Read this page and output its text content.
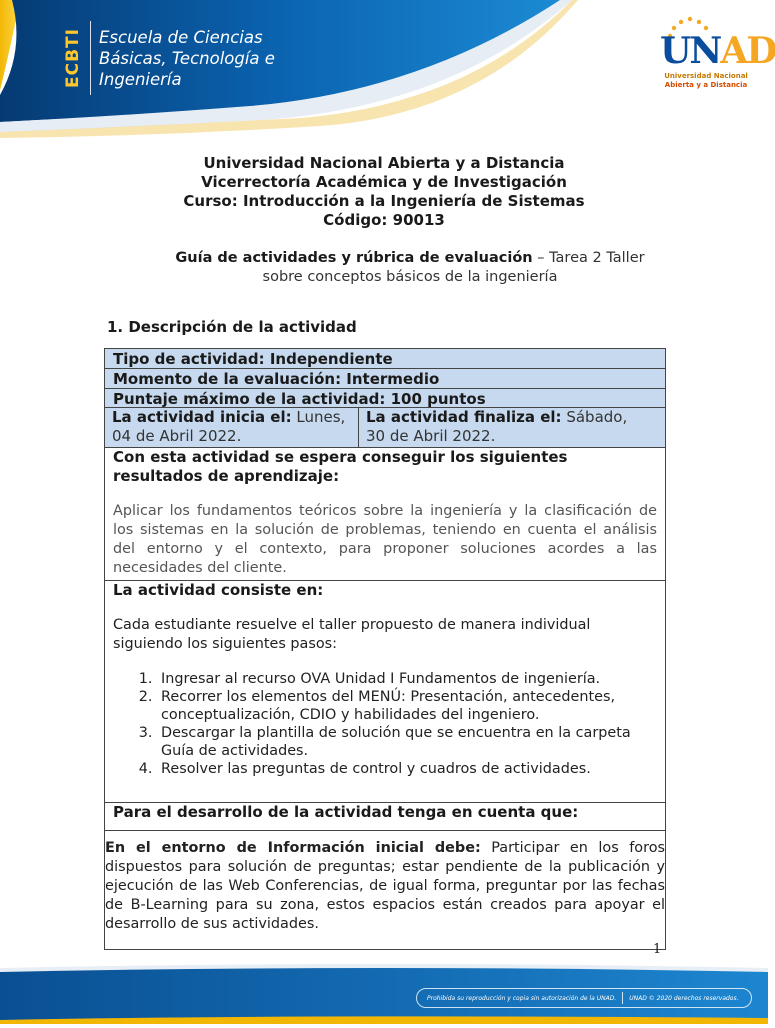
ECBTI Escuela de Ciencias
Básicas, Tecnología e
Ingeniería
UNAD
Universidad Nacional
Abierta y a Distancia
Universidad Nacional Abierta y a Distancia
Vicerrectoría Académica y de Investigación
Curso: Introducción a la Ingeniería de Sistemas
Código: 90013
Guía de actividades y rúbrica de evaluación – Tarea 2 Taller
sobre conceptos básicos de la ingeniería
1. Descripción de la actividad
Tipo de actividad: Independiente
Momento de la evaluación: Intermedio
Puntaje máximo de la actividad: 100 puntos
La actividad inicia el: Lunes,
04 de Abril 2022.
La actividad finaliza el: Sábado,
30 de Abril 2022.
Con esta actividad se espera conseguir los siguientes resultados de aprendizaje:
Aplicar los fundamentos teóricos sobre la ingeniería y la clasificación de los sistemas en la solución de problemas, teniendo en cuenta el análisis del entorno y el contexto, para proponer soluciones acordes a las necesidades del cliente.
La actividad consiste en:
Cada estudiante resuelve el taller propuesto de manera individual siguiendo los siguientes pasos:
1. Ingresar al recurso OVA Unidad I Fundamentos de ingeniería.
2. Recorrer los elementos del MENÚ: Presentación, antecedentes, conceptualización, CDIO y habilidades del ingeniero.
3. Descargar la plantilla de solución que se encuentra en la carpeta Guía de actividades.
4. Resolver las preguntas de control y cuadros de actividades.
Para el desarrollo de la actividad tenga en cuenta que:
En el entorno de Información inicial debe: Participar en los foros dispuestos para solución de preguntas; estar pendiente de la publicación y ejecución de las Web Conferencias, de igual forma, preguntar por las fechas de B-Learning para su zona, estos espacios están creados para apoyar el desarrollo de sus actividades.
1
Prohibida su reproducción y copia sin autorización de la UNAD. UNAD © 2020 derechos reservados.
